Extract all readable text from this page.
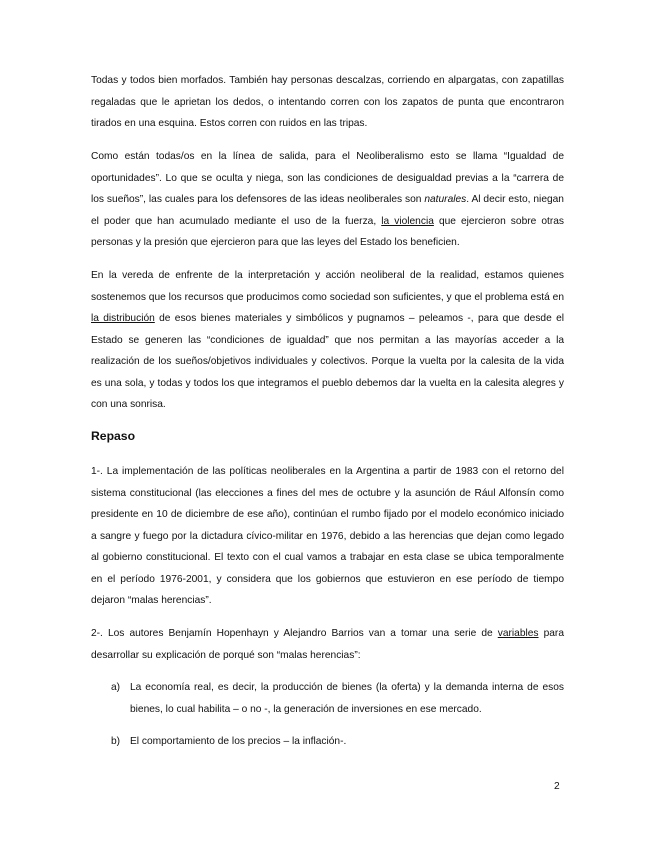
Todas y todos bien morfados. También hay personas descalzas, corriendo en alpargatas, con zapatillas regaladas que le aprietan los dedos, o intentando corren con los zapatos de punta que encontraron tirados en una esquina. Estos corren con ruidos en las tripas.

Como están todas/os en la línea de salida, para el Neoliberalismo esto se llama “Igualdad de oportunidades”. Lo que se oculta y niega, son las condiciones de desigualdad previas a la “carrera de los sueños”, las cuales para los defensores de las ideas neoliberales son naturales. Al decir esto, niegan el poder que han acumulado mediante el uso de la fuerza, la violencia que ejercieron sobre otras personas y la presión que ejercieron para que las leyes del Estado los beneficien.

En la vereda de enfrente de la interpretación y acción neoliberal de la realidad, estamos quienes sostenemos que los recursos que producimos como sociedad son suficientes, y que el problema está en la distribución de esos bienes materiales y simbólicos y pugnamos – peleamos -, para que desde el Estado se generen las “condiciones de igualdad” que nos permitan a las mayorías acceder a la realización de los sueños/objetivos individuales y colectivos. Porque la vuelta por la calesita de la vida es una sola, y todas y todos los que integramos el pueblo debemos dar la vuelta en la calesita alegres y con una sonrisa.

Repaso

1-. La implementación de las políticas neoliberales en la Argentina a partir de 1983 con el retorno del sistema constitucional (las elecciones a fines del mes de octubre y la asunción de Rául Alfonsín como presidente en 10 de diciembre de ese año), continúan el rumbo fijado por el modelo económico iniciado a sangre y fuego por la dictadura cívico-militar en 1976, debido a las herencias que dejan como legado al gobierno constitucional. El texto con el cual vamos a trabajar en esta clase se ubica temporalmente en el período 1976-2001, y considera que los gobiernos que estuvieron en ese período de tiempo dejaron “malas herencias”.

2-. Los autores Benjamín Hopenhayn y Alejandro Barrios van a tomar una serie de variables para desarrollar su explicación de porqué son “malas herencias”:

a) La economía real, es decir, la producción de bienes (la oferta) y la demanda interna de esos bienes, lo cual habilita – o no -, la generación de inversiones en ese mercado.
b) El comportamiento de los precios – la inflación-.
2
